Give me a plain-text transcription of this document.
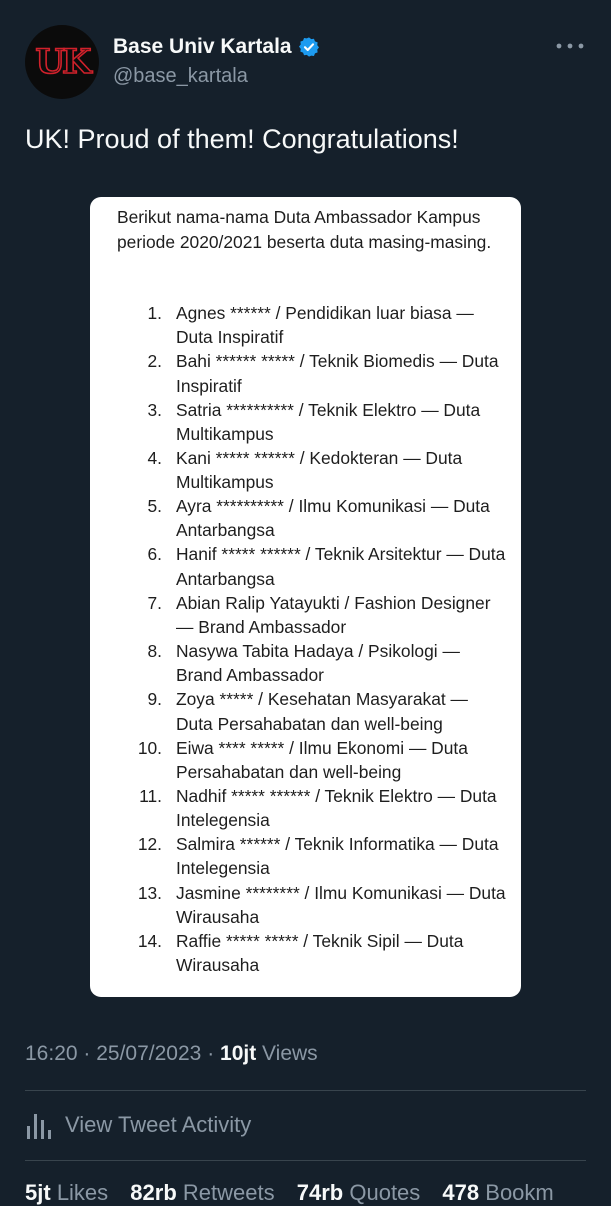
UK Base Univ Kartala
@base_kartala
UK! Proud of them! Congratulations!
Berikut nama-nama Duta Ambassador Kampus periode 2020/2021 beserta duta masing-masing.
1. Agnes ****** / Pendidikan luar biasa — Duta Inspiratif
2. Bahi ****** ***** / Teknik Biomedis — Duta Inspiratif
3. Satria ********** / Teknik Elektro — Duta Multikampus
4. Kani ***** ****** / Kedokteran — Duta Multikampus
5. Ayra ********** / Ilmu Komunikasi — Duta Antarbangsa
6. Hanif ***** ****** / Teknik Arsitektur — Duta Antarbangsa
7. Abian Ralip Yatayukti / Fashion Designer — Brand Ambassador
8. Nasywa Tabita Hadaya / Psikologi — Brand Ambassador
9. Zoya ***** / Kesehatan Masyarakat — Duta Persahabatan dan well-being
10. Eiwa **** ***** / Ilmu Ekonomi — Duta Persahabatan dan well-being
11. Nadhif ***** ****** / Teknik Elektro — Duta Intelegensia
12. Salmira ****** / Teknik Informatika — Duta Intelegensia
13. Jasmine ******** / Ilmu Komunikasi — Duta Wirausaha
14. Raffie ***** ***** / Teknik Sipil — Duta Wirausaha
16:20 · 25/07/2023 · 10jt Views
View Tweet Activity
5jt Likes 82rb Retweets 74rb Quotes 478 Bookm
